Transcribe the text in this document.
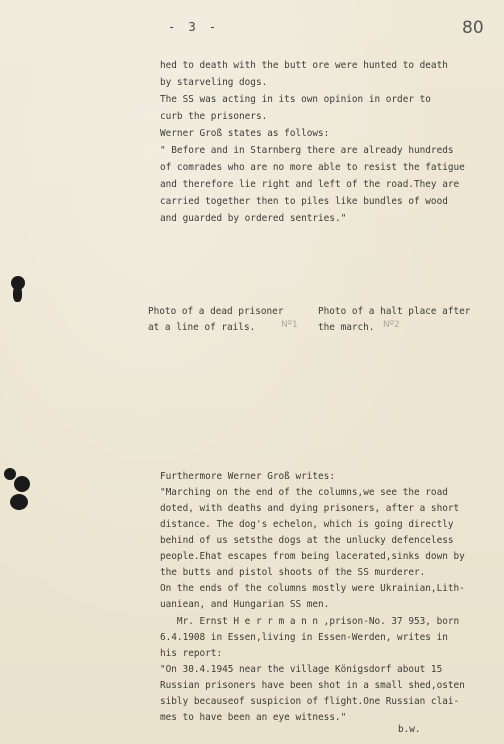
- 3 -	80
hed to death with the butt ore were hunted to death
by starveling dogs.
The SS was acting in its own opinion in order to
curb the prisoners.
Werner Groß states as follows:
" Before and in Starnberg there are already hundreds
of comrades who are no more able to resist the fatigue
and therefore lie right and left of the road.They are
carried together then to piles like bundles of wood
and guarded by ordered sentries."
Photo of a dead prisoner
at a line of rails.	Nº1
Photo of a halt place after
the march. Nº2
Furthermore Werner Groß writes:
"Marching on the end of the columns,we see the road
doted, with deaths and dying prisoners, after a short
distance. The dog's echelon, which is going directly
behind of us setsthe dogs at the unlucky defenceless
people.Ehat escapes from being lacerated,sinks down by
the butts and pistol shoots of the SS murderer.
On the ends of the columns mostly were Ukrainian,Lith-
uaniean, and Hungarian SS men.
Mr. Ernst H e r r m a n n ,prison-No. 37 953, born
6.4.1908 in Essen,living in Essen-Werden, writes in
his report:
"On 30.4.1945 near the village Königsdorf about 15
Russian prisoners have been shot in a small shed,osten
sibly becauseof suspicion of flight.One Russian clai-
mes to have been an eye witness."
b.w.
